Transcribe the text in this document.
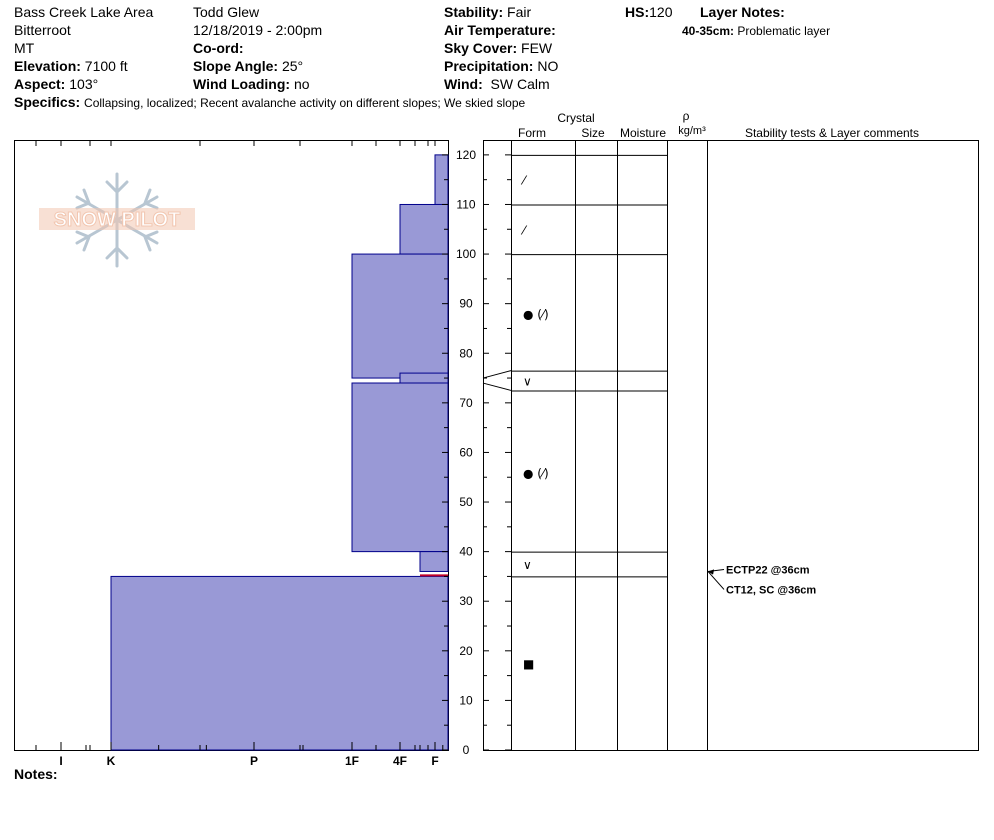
Bass Creek Lake Area
Bitterroot
MT
Elevation: 7100 ft
Aspect: 103°
Todd Glew
12/18/2019 - 2:00pm
Co-ord:
Slope Angle: 25°
Wind Loading: no
Stability: Fair
Air Temperature:
Sky Cover: FEW
Precipitation: NO
Wind: SW Calm
HS:120 Layer Notes:
40-35cm: Problematic layer
Specifics: Collapsing, localized; Recent avalanche activity on different slopes; We skied slope
I	K	P	1F	4F F
0
10
20
30
40
50
60
70
80
90
100
110
120
Crystal
Form	Size Moisture
ρ
kg/m³	Stability tests & Layer comments
⁄
⁄
● (⁄)
∨
● (⁄)
∨
■
ECTP22 @36cm
CT12, SC @36cm
SNOW PILOT
Notes:
